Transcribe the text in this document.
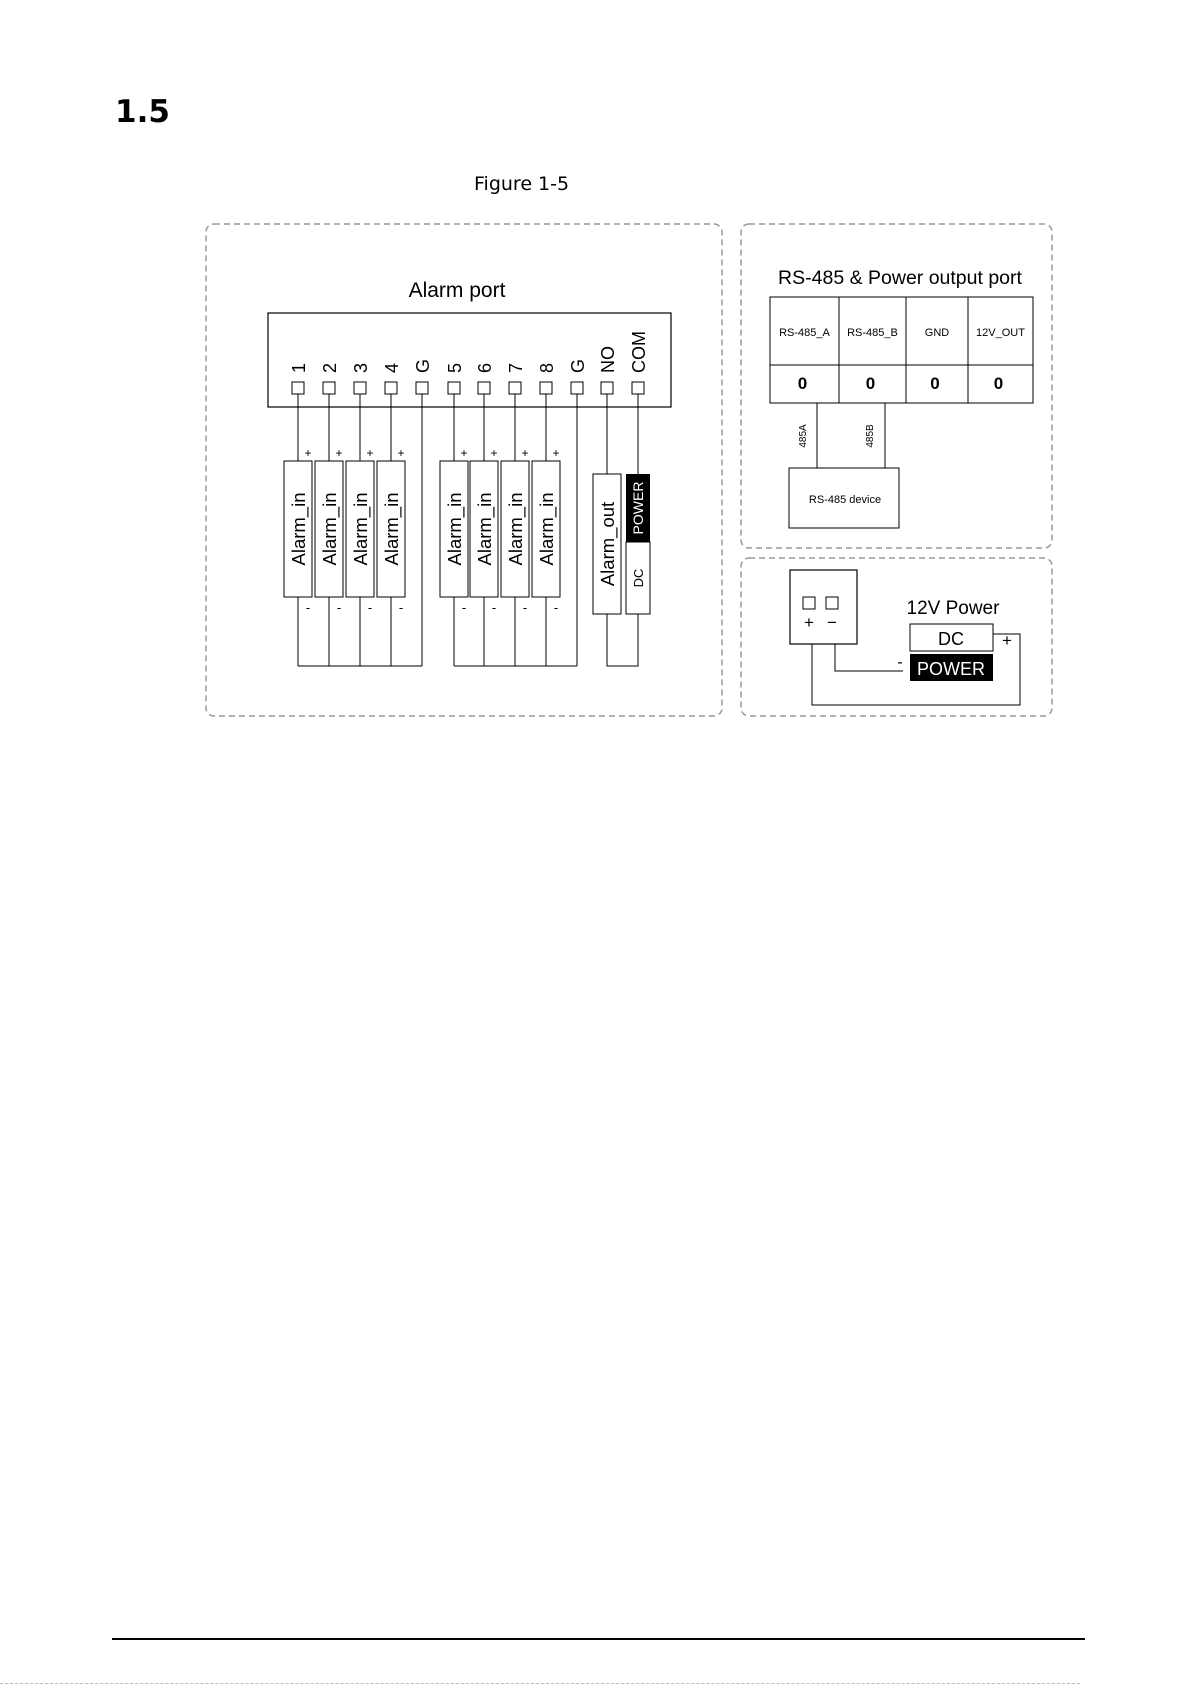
1.5
Figure 1-5
Alarm port
1 2 3 4 G 5 6 7 8 G NO COM
Alarm_in
+
-
Alarm_in
+
-
Alarm_in
+
-
Alarm_in
+
-
Alarm_in
+
-
Alarm_in
+
-
Alarm_in
+
-
Alarm_in
+
-
Alarm_out POWER
DC
RS-485 & Power output port
RS-485_A
0
RS-485_B
0
GND
0
12V_OUT
0
485A	485B
RS-485 device
+ −
12V Power
DC
POWER
+
-
